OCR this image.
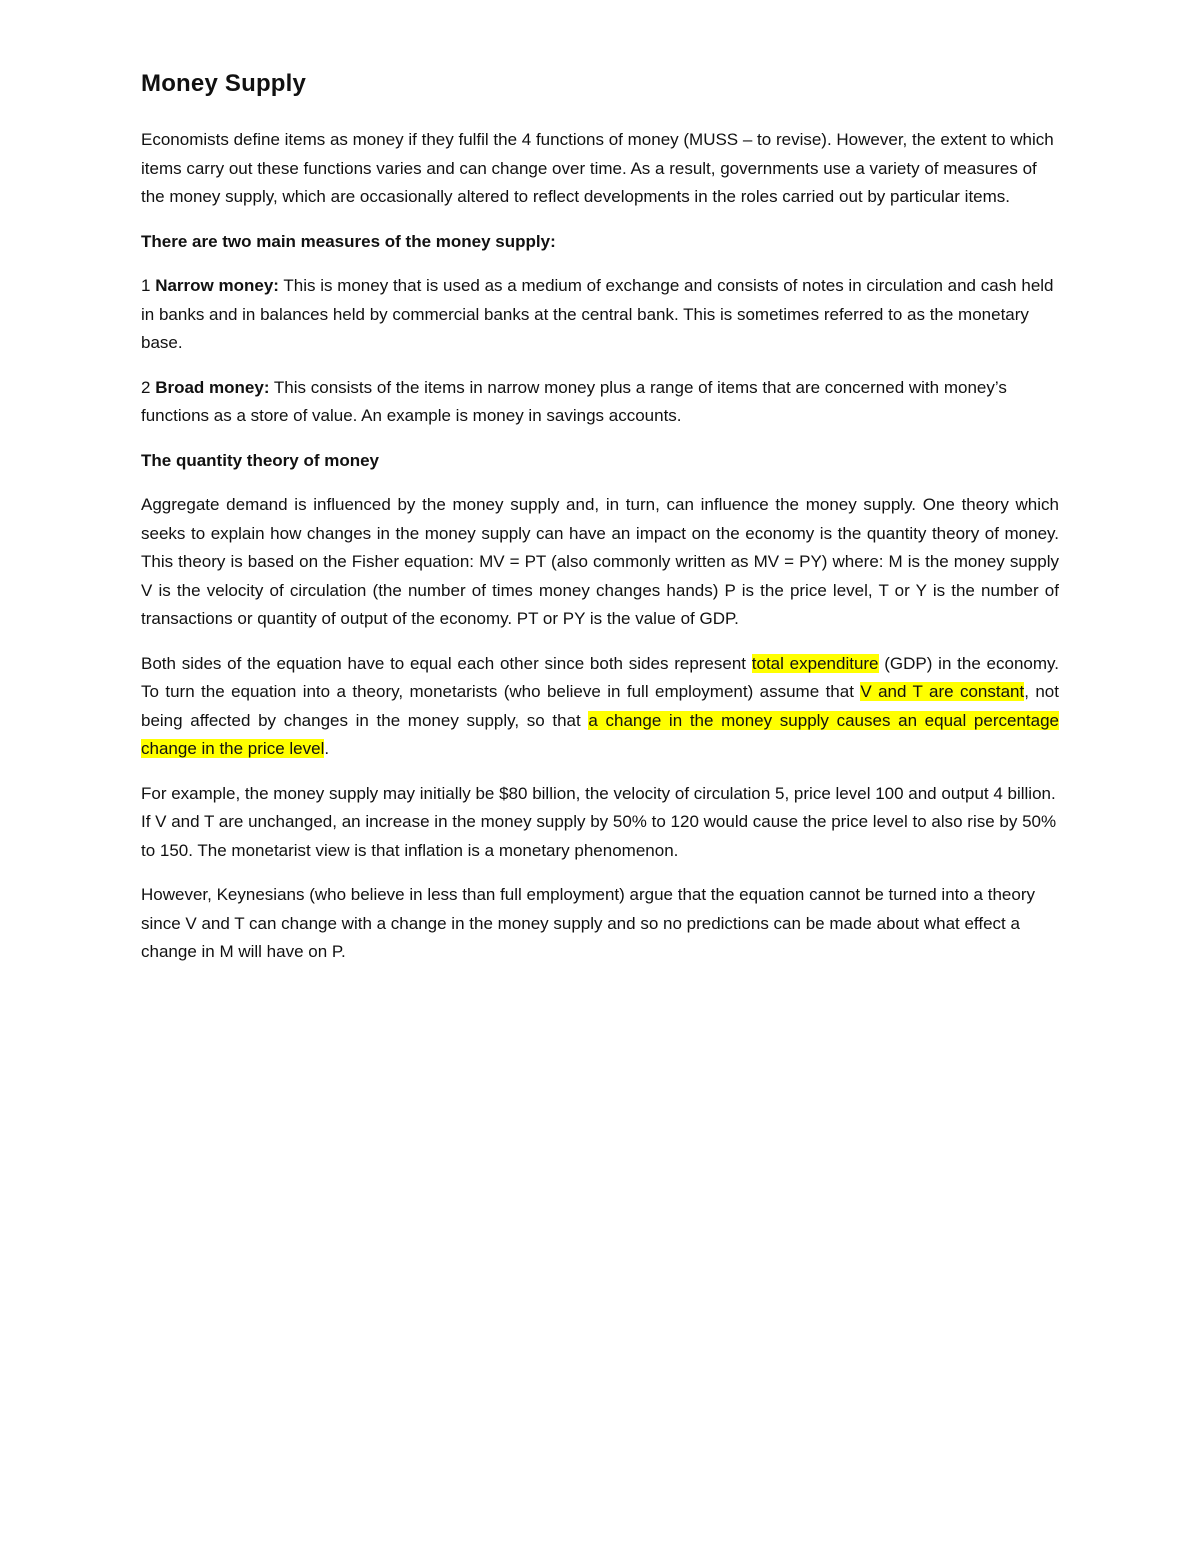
Money Supply

Economists define items as money if they fulfil the 4 functions of money (MUSS – to revise). However, the extent to which items carry out these functions varies and can change over time. As a result, governments use a variety of measures of the money supply, which are occasionally altered to reflect developments in the roles carried out by particular items.

There are two main measures of the money supply:

1 Narrow money: This is money that is used as a medium of exchange and consists of notes in circulation and cash held in banks and in balances held by commercial banks at the central bank. This is sometimes referred to as the monetary base.

2 Broad money: This consists of the items in narrow money plus a range of items that are concerned with money’s functions as a store of value. An example is money in savings accounts.

The quantity theory of money

Aggregate demand is influenced by the money supply and, in turn, can influence the money supply. One theory which seeks to explain how changes in the money supply can have an impact on the economy is the quantity theory of money. This theory is based on the Fisher equation: MV = PT (also commonly written as MV = PY) where: M is the money supply V is the velocity of circulation (the number of times money changes hands) P is the price level, T or Y is the number of transactions or quantity of output of the economy. PT or PY is the value of GDP.

Both sides of the equation have to equal each other since both sides represent total expenditure (GDP) in the economy. To turn the equation into a theory, monetarists (who believe in full employment) assume that V and T are constant, not being affected by changes in the money supply, so that a change in the money supply causes an equal percentage change in the price level.

For example, the money supply may initially be $80 billion, the velocity of circulation 5, price level 100 and output 4 billion. If V and T are unchanged, an increase in the money supply by 50% to 120 would cause the price level to also rise by 50% to 150. The monetarist view is that inflation is a monetary phenomenon.

However, Keynesians (who believe in less than full employment) argue that the equation cannot be turned into a theory since V and T can change with a change in the money supply and so no predictions can be made about what effect a change in M will have on P.
